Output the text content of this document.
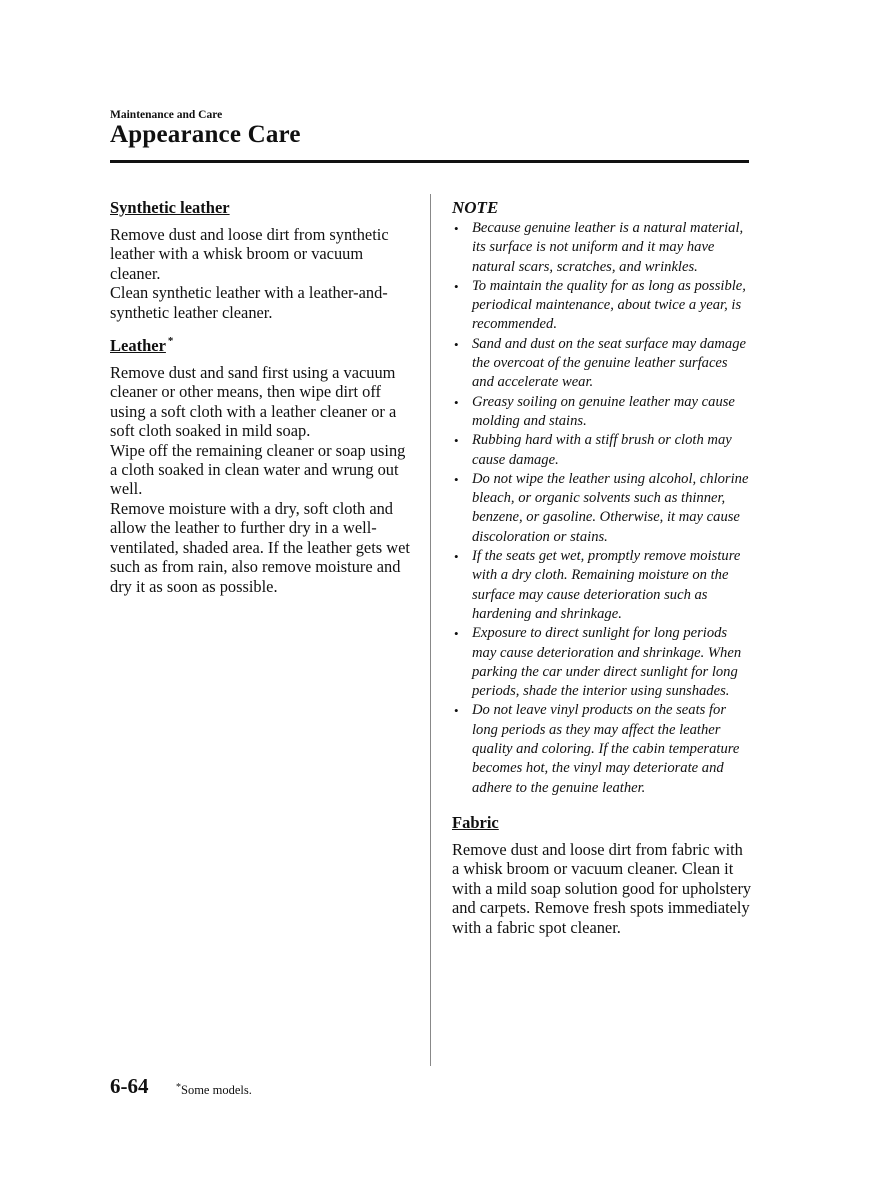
Maintenance and Care
Appearance Care
Synthetic leather

Remove dust and loose dirt from synthetic leather with a whisk broom or vacuum cleaner.

Clean synthetic leather with a leather-and-synthetic leather cleaner.

Leather *

Remove dust and sand first using a vacuum cleaner or other means, then wipe dirt off using a soft cloth with a leather cleaner or a soft cloth soaked in mild soap.

Wipe off the remaining cleaner or soap using a cloth soaked in clean water and wrung out well.

Remove moisture with a dry, soft cloth and allow the leather to further dry in a well-ventilated, shaded area. If the leather gets wet such as from rain, also remove moisture and dry it as soon as possible.

NOTE
• Because genuine leather is a natural material, its surface is not uniform and it may have natural scars, scratches, and wrinkles.
• To maintain the quality for as long as possible, periodical maintenance, about twice a year, is recommended.
• Sand and dust on the seat surface may damage the overcoat of the genuine leather surfaces and accelerate wear.
• Greasy soiling on genuine leather may cause molding and stains.
• Rubbing hard with a stiff brush or cloth may cause damage.
• Do not wipe the leather using alcohol, chlorine bleach, or organic solvents such as thinner, benzene, or gasoline. Otherwise, it may cause discoloration or stains.
• If the seats get wet, promptly remove moisture with a dry cloth. Remaining moisture on the surface may cause deterioration such as hardening and shrinkage.
• Exposure to direct sunlight for long periods may cause deterioration and shrinkage. When parking the car under direct sunlight for long periods, shade the interior using sunshades.
• Do not leave vinyl products on the seats for long periods as they may affect the leather quality and coloring. If the cabin temperature becomes hot, the vinyl may deteriorate and adhere to the genuine leather.
Fabric

Remove dust and loose dirt from fabric with a whisk broom or vacuum cleaner. Clean it with a mild soap solution good for upholstery and carpets. Remove fresh spots immediately with a fabric spot cleaner.

6-64	*Some models.
